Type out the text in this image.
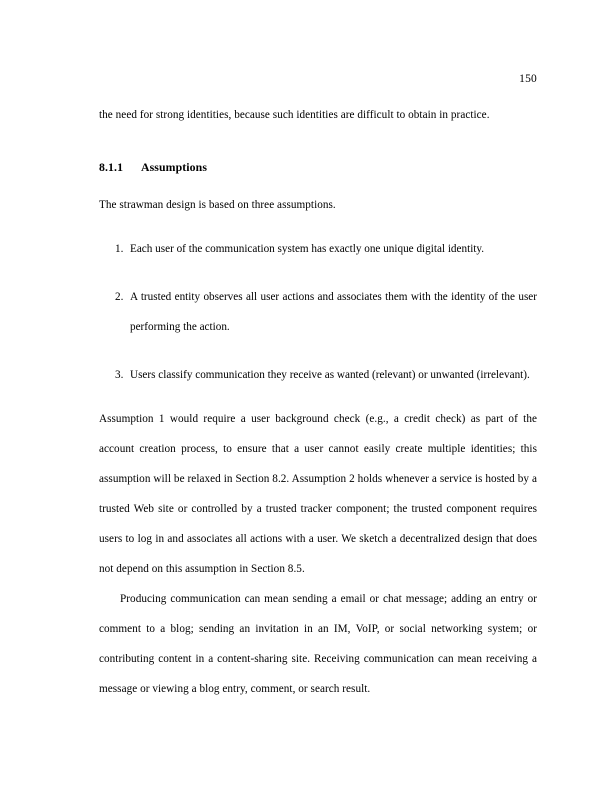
150

the need for strong identities, because such identities are difficult to obtain in practice.

8.1.1 Assumptions

The strawman design is based on three assumptions.

1. Each user of the communication system has exactly one unique digital identity.
2. A trusted entity observes all user actions and associates them with the identity of the user performing the action.
3. Users classify communication they receive as wanted (relevant) or unwanted (irrelevant).

Assumption 1 would require a user background check (e.g., a credit check) as part of the account creation process, to ensure that a user cannot easily create multiple identities; this assumption will be relaxed in Section 8.2. Assumption 2 holds whenever a service is hosted by a trusted Web site or controlled by a trusted tracker component; the trusted component requires users to log in and associates all actions with a user. We sketch a decentralized design that does not depend on this assumption in Section 8.5.

Producing communication can mean sending a email or chat message; adding an entry or comment to a blog; sending an invitation in an IM, VoIP, or social networking system; or contributing content in a content-sharing site. Receiving communication can mean receiving a message or viewing a blog entry, comment, or search result.
